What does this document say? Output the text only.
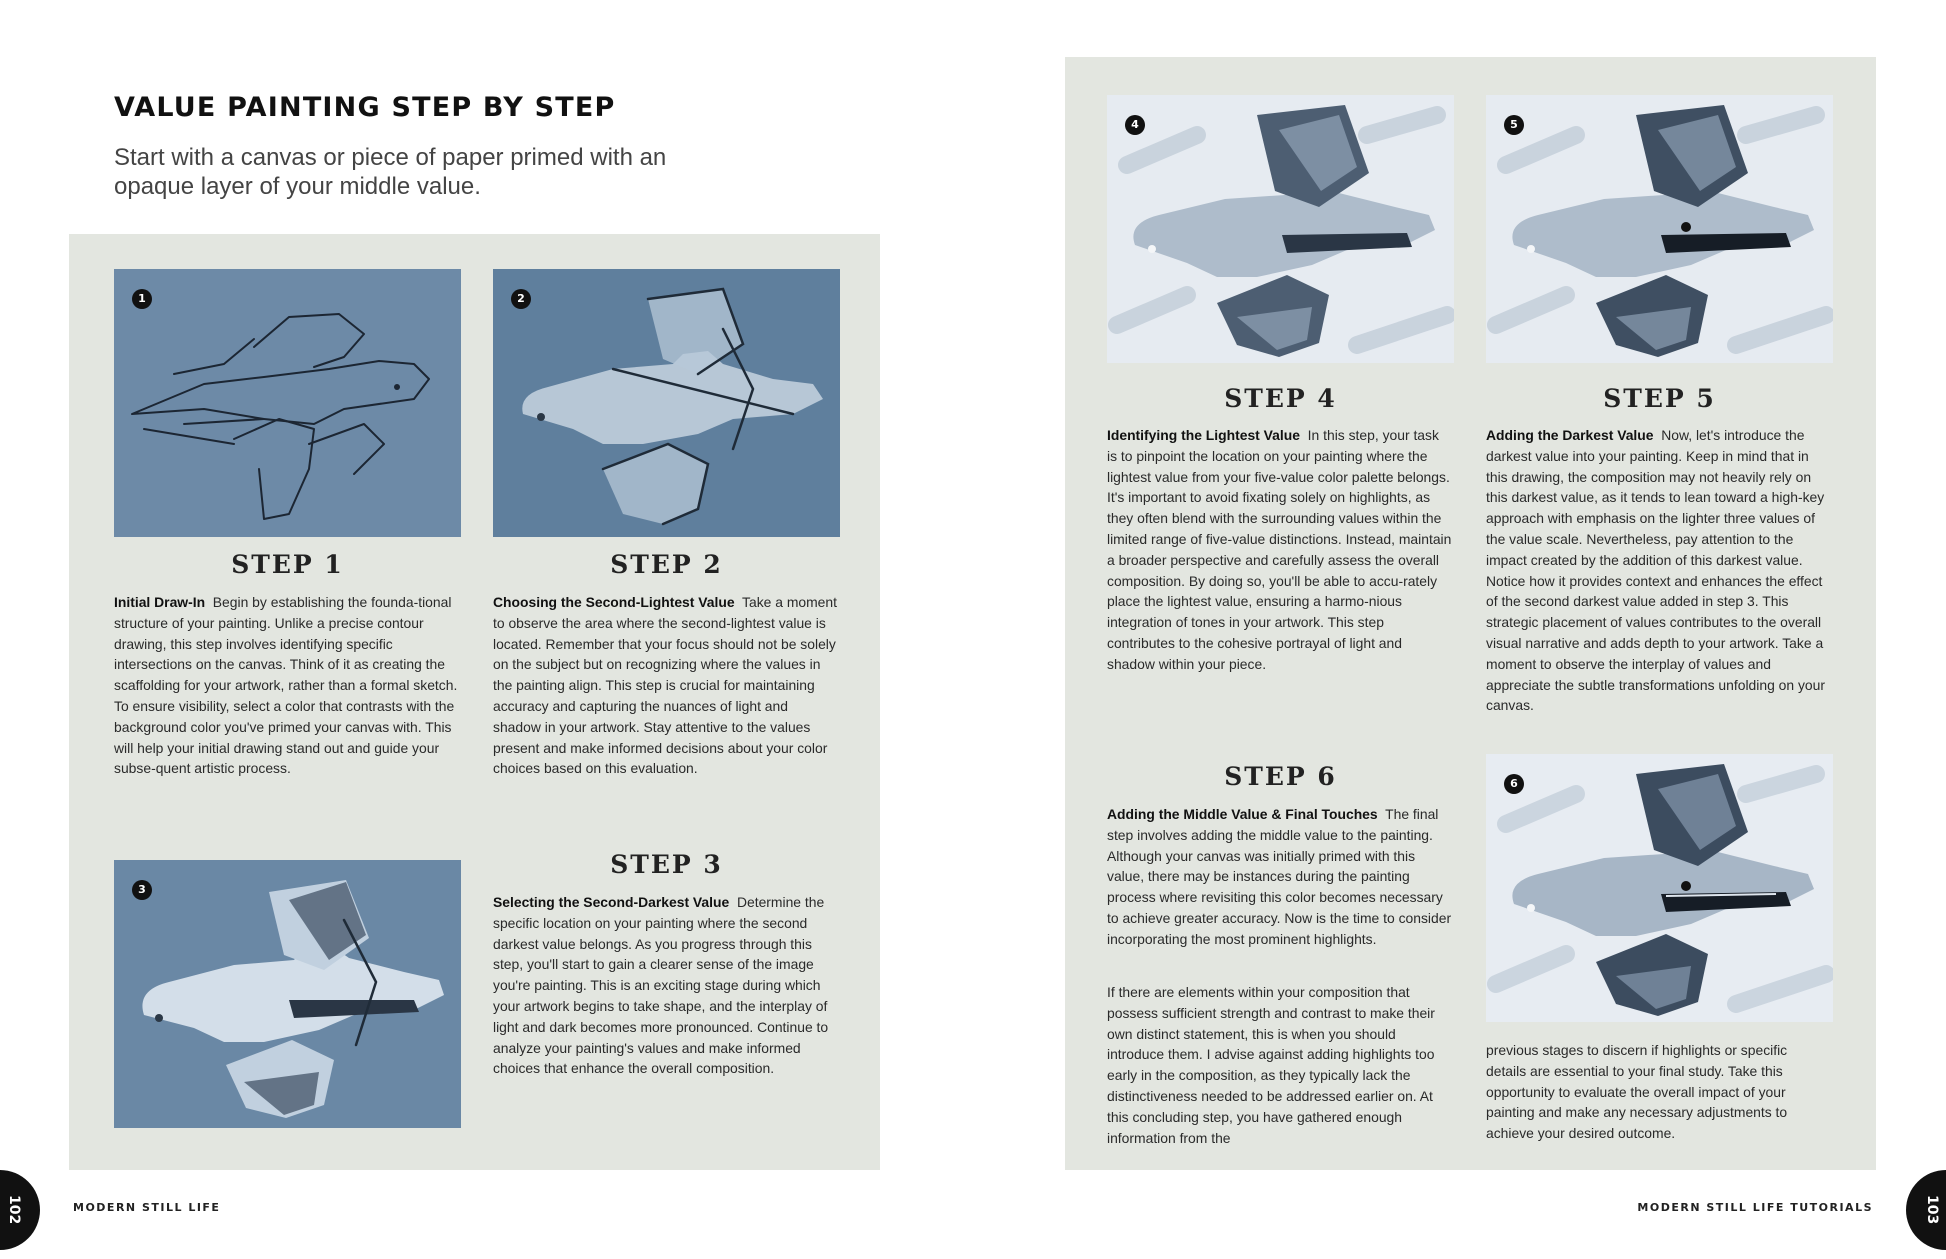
VALUE PAINTING STEP BY STEP

Start with a canvas or piece of paper primed with an opaque layer of your middle value.

1	2
3
STEP 1	STEP 2
STEP 3

Initial Draw-In Begin by establishing the founda-tional structure of your painting. Unlike a precise contour drawing, this step involves identifying specific intersections on the canvas. Think of it as creating the scaffolding for your artwork, rather than a formal sketch. To ensure visibility, select a color that contrasts with the background color you've primed your canvas with. This will help your initial drawing stand out and guide your subse-quent artistic process.

Choosing the Second-Lightest Value Take a moment to observe the area where the second-lightest value is located. Remember that your focus should not be solely on the subject but on recognizing where the values in the painting align. This step is crucial for maintaining accuracy and capturing the nuances of light and shadow in your artwork. Stay attentive to the values present and make informed decisions about your color choices based on this evaluation.

Selecting the Second-Darkest Value Determine the specific location on your painting where the second darkest value belongs. As you progress through this step, you'll start to gain a clearer sense of the image you're painting. This is an exciting stage during which your artwork begins to take shape, and the interplay of light and dark becomes more pronounced. Continue to analyze your painting's values and make informed choices that enhance the overall composition.

102	MODERN STILL LIFE
4	5
6
STEP 4	STEP 5
STEP 6

Identifying the Lightest Value In this step, your task is to pinpoint the location on your painting where the lightest value from your five-value color palette belongs. It's important to avoid fixating solely on highlights, as they often blend with the surrounding values within the limited range of five-value distinctions. Instead, maintain a broader perspective and carefully assess the overall composition. By doing so, you'll be able to accu-rately place the lightest value, ensuring a harmo-nious integration of tones in your artwork. This step contributes to the cohesive portrayal of light and shadow within your piece.

Adding the Darkest Value Now, let's introduce the darkest value into your painting. Keep in mind that in this drawing, the composition may not heavily rely on this darkest value, as it tends to lean toward a high-key approach with emphasis on the lighter three values of the value scale. Nevertheless, pay attention to the impact created by the addition of this darkest value. Notice how it provides context and enhances the effect of the second darkest value added in step 3. This strategic placement of values contributes to the overall visual narrative and adds depth to your artwork. Take a moment to observe the interplay of values and appreciate the subtle transformations unfolding on your canvas.

Adding the Middle Value & Final Touches The final step involves adding the middle value to the painting. Although your canvas was initially primed with this value, there may be instances during the painting process where revisiting this color becomes necessary to achieve greater accuracy. Now is the time to consider incorporating the most prominent highlights.

If there are elements within your composition that possess sufficient strength and contrast to make their own distinct statement, this is when you should introduce them. I advise against adding highlights too early in the composition, as they typically lack the distinctiveness needed to be addressed earlier on. At this concluding step, you have gathered enough information from the

previous stages to discern if highlights or specific details are essential to your final study. Take this opportunity to evaluate the overall impact of your painting and make any necessary adjustments to achieve your desired outcome.

MODERN STILL LIFE TUTORIALS	103
